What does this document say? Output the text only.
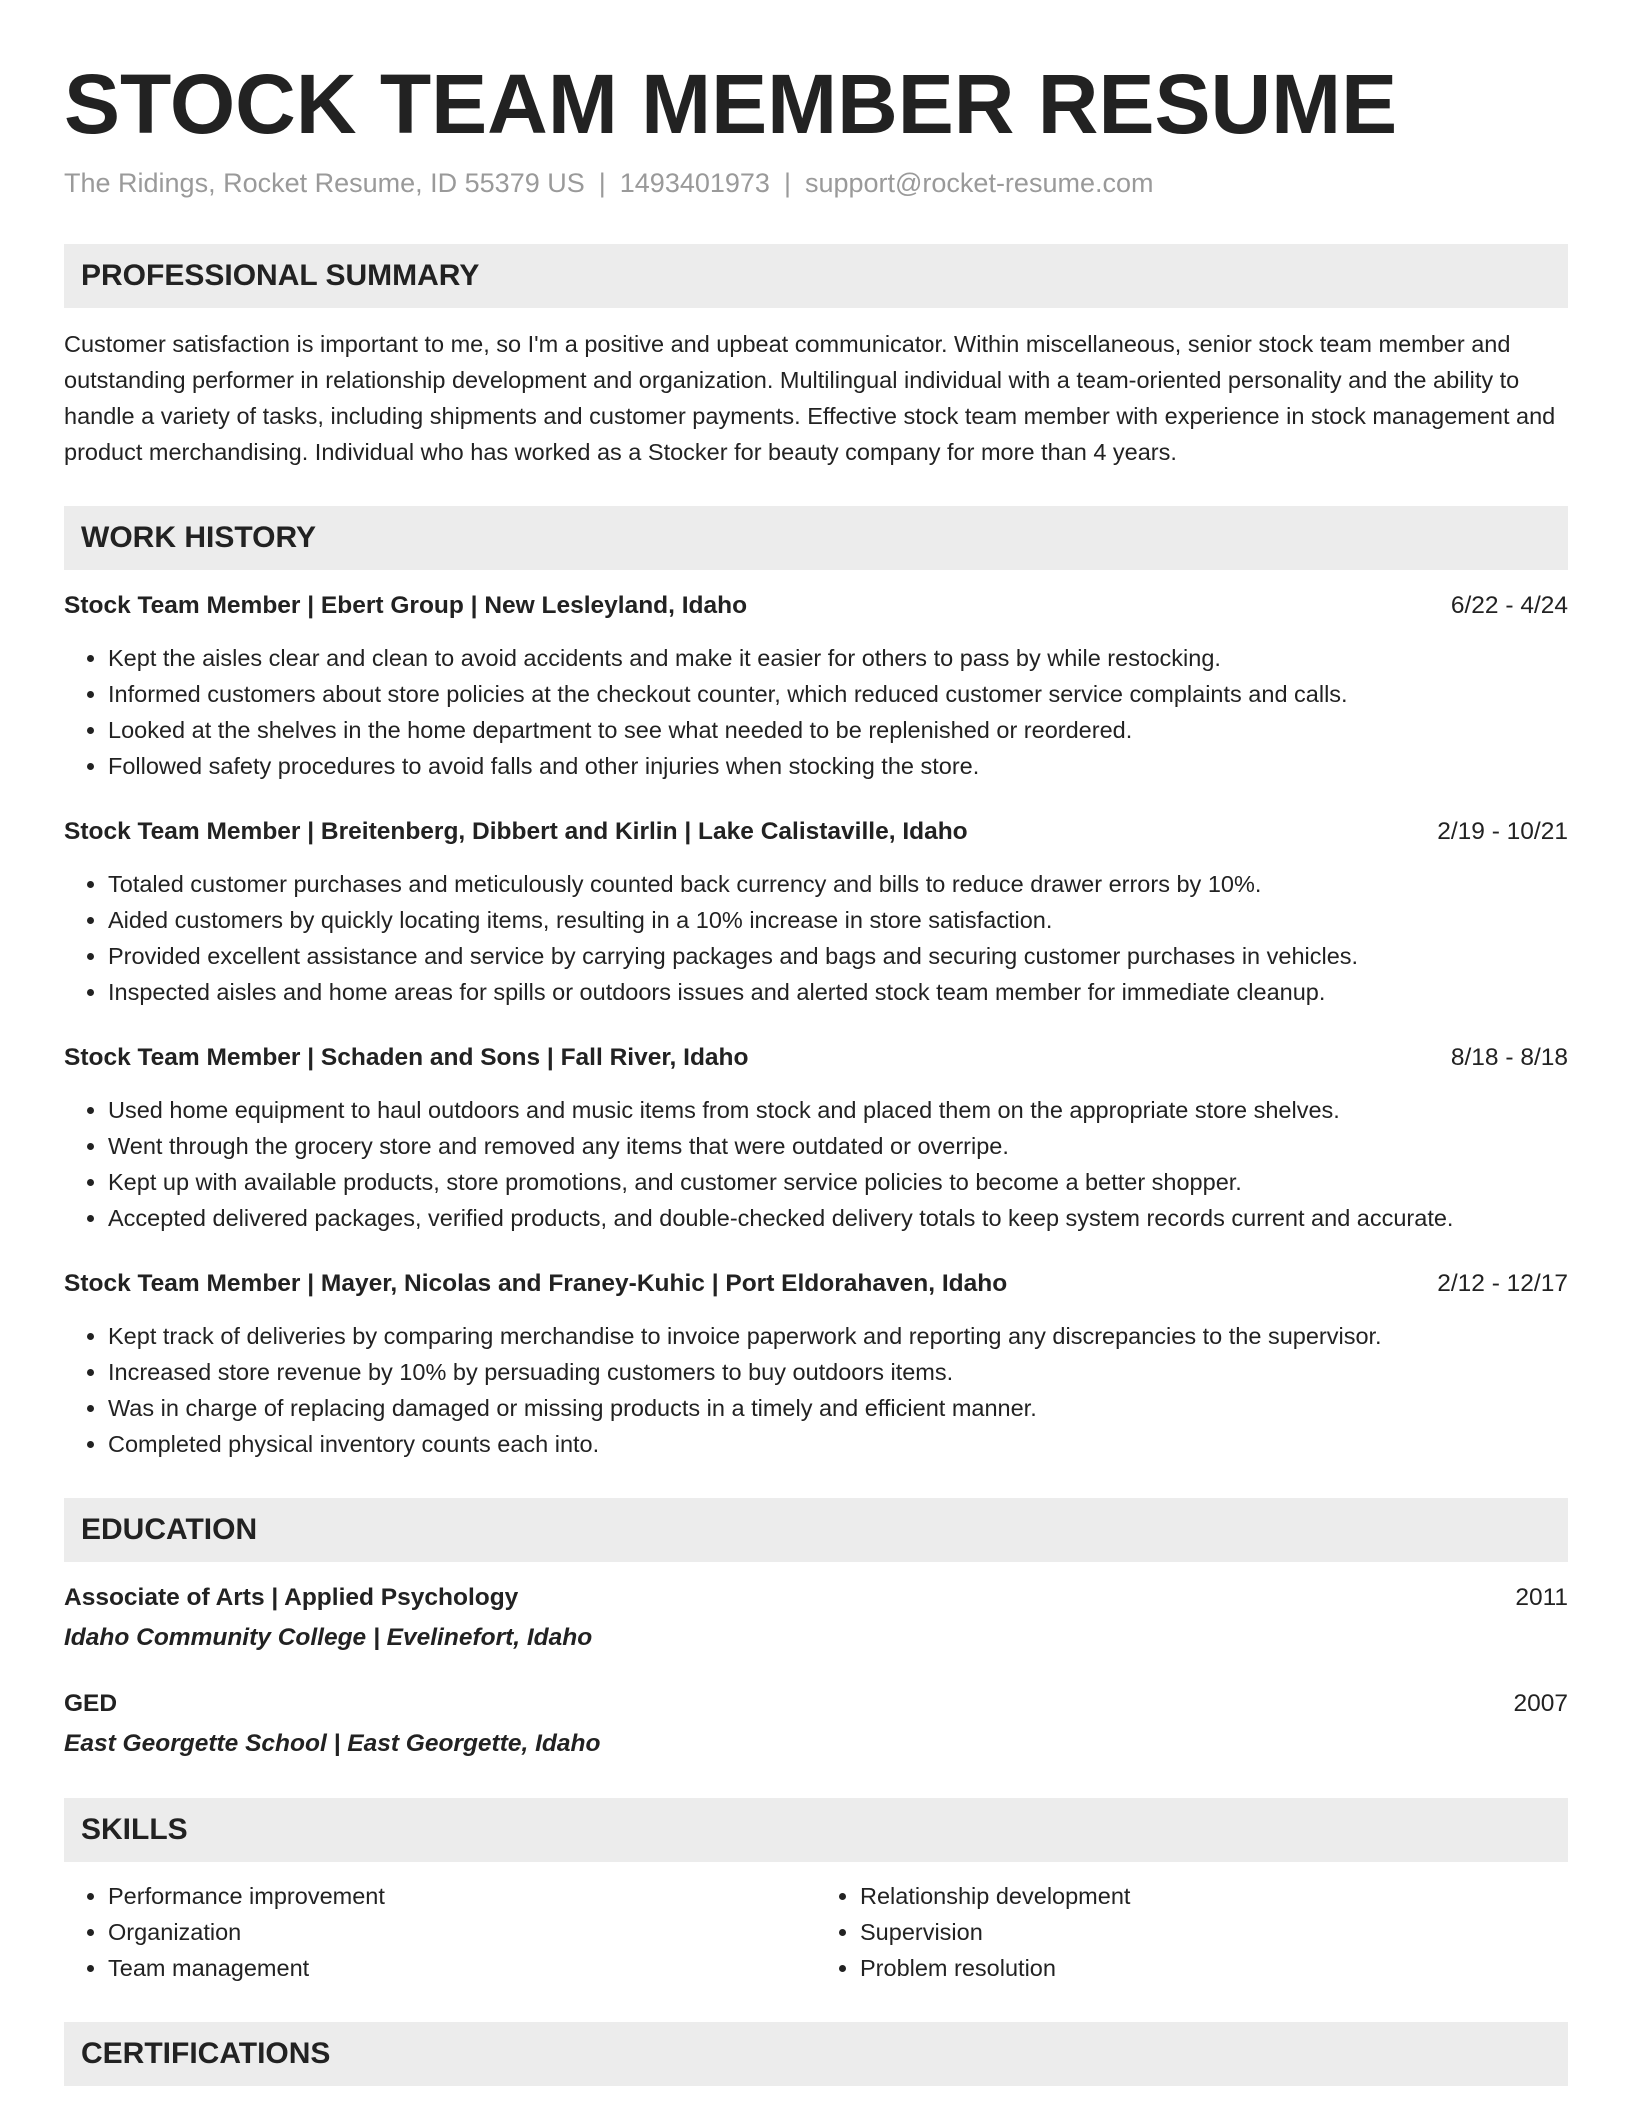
STOCK TEAM MEMBER RESUME
The Ridings, Rocket Resume, ID 55379 US | 1493401973 | support@rocket-resume.com
PROFESSIONAL SUMMARY
Customer satisfaction is important to me, so I'm a positive and upbeat communicator. Within miscellaneous, senior stock team member and outstanding performer in relationship development and organization. Multilingual individual with a team-oriented personality and the ability to handle a variety of tasks, including shipments and customer payments. Effective stock team member with experience in stock management and product merchandising. Individual who has worked as a Stocker for beauty company for more than 4 years.
WORK HISTORY
Stock Team Member | Ebert Group | New Lesleyland, Idaho	6/22 - 4/24
• Kept the aisles clear and clean to avoid accidents and make it easier for others to pass by while restocking.
• Informed customers about store policies at the checkout counter, which reduced customer service complaints and calls.
• Looked at the shelves in the home department to see what needed to be replenished or reordered.
• Followed safety procedures to avoid falls and other injuries when stocking the store.
Stock Team Member | Breitenberg, Dibbert and Kirlin | Lake Calistaville, Idaho	2/19 - 10/21
• Totaled customer purchases and meticulously counted back currency and bills to reduce drawer errors by 10%.
• Aided customers by quickly locating items, resulting in a 10% increase in store satisfaction.
• Provided excellent assistance and service by carrying packages and bags and securing customer purchases in vehicles.
• Inspected aisles and home areas for spills or outdoors issues and alerted stock team member for immediate cleanup.
Stock Team Member | Schaden and Sons | Fall River, Idaho	8/18 - 8/18
• Used home equipment to haul outdoors and music items from stock and placed them on the appropriate store shelves.
• Went through the grocery store and removed any items that were outdated or overripe.
• Kept up with available products, store promotions, and customer service policies to become a better shopper.
• Accepted delivered packages, verified products, and double-checked delivery totals to keep system records current and accurate.
Stock Team Member | Mayer, Nicolas and Franey-Kuhic | Port Eldorahaven, Idaho	2/12 - 12/17
• Kept track of deliveries by comparing merchandise to invoice paperwork and reporting any discrepancies to the supervisor.
• Increased store revenue by 10% by persuading customers to buy outdoors items.
• Was in charge of replacing damaged or missing products in a timely and efficient manner.
• Completed physical inventory counts each into.
EDUCATION
Associate of Arts | Applied Psychology	2011
Idaho Community College | Evelinefort, Idaho
GED	2007
East Georgette School | East Georgette, Idaho
SKILLS
• Performance improvement
• Organization
• Team management
• Relationship development
• Supervision
• Problem resolution
CERTIFICATIONS
